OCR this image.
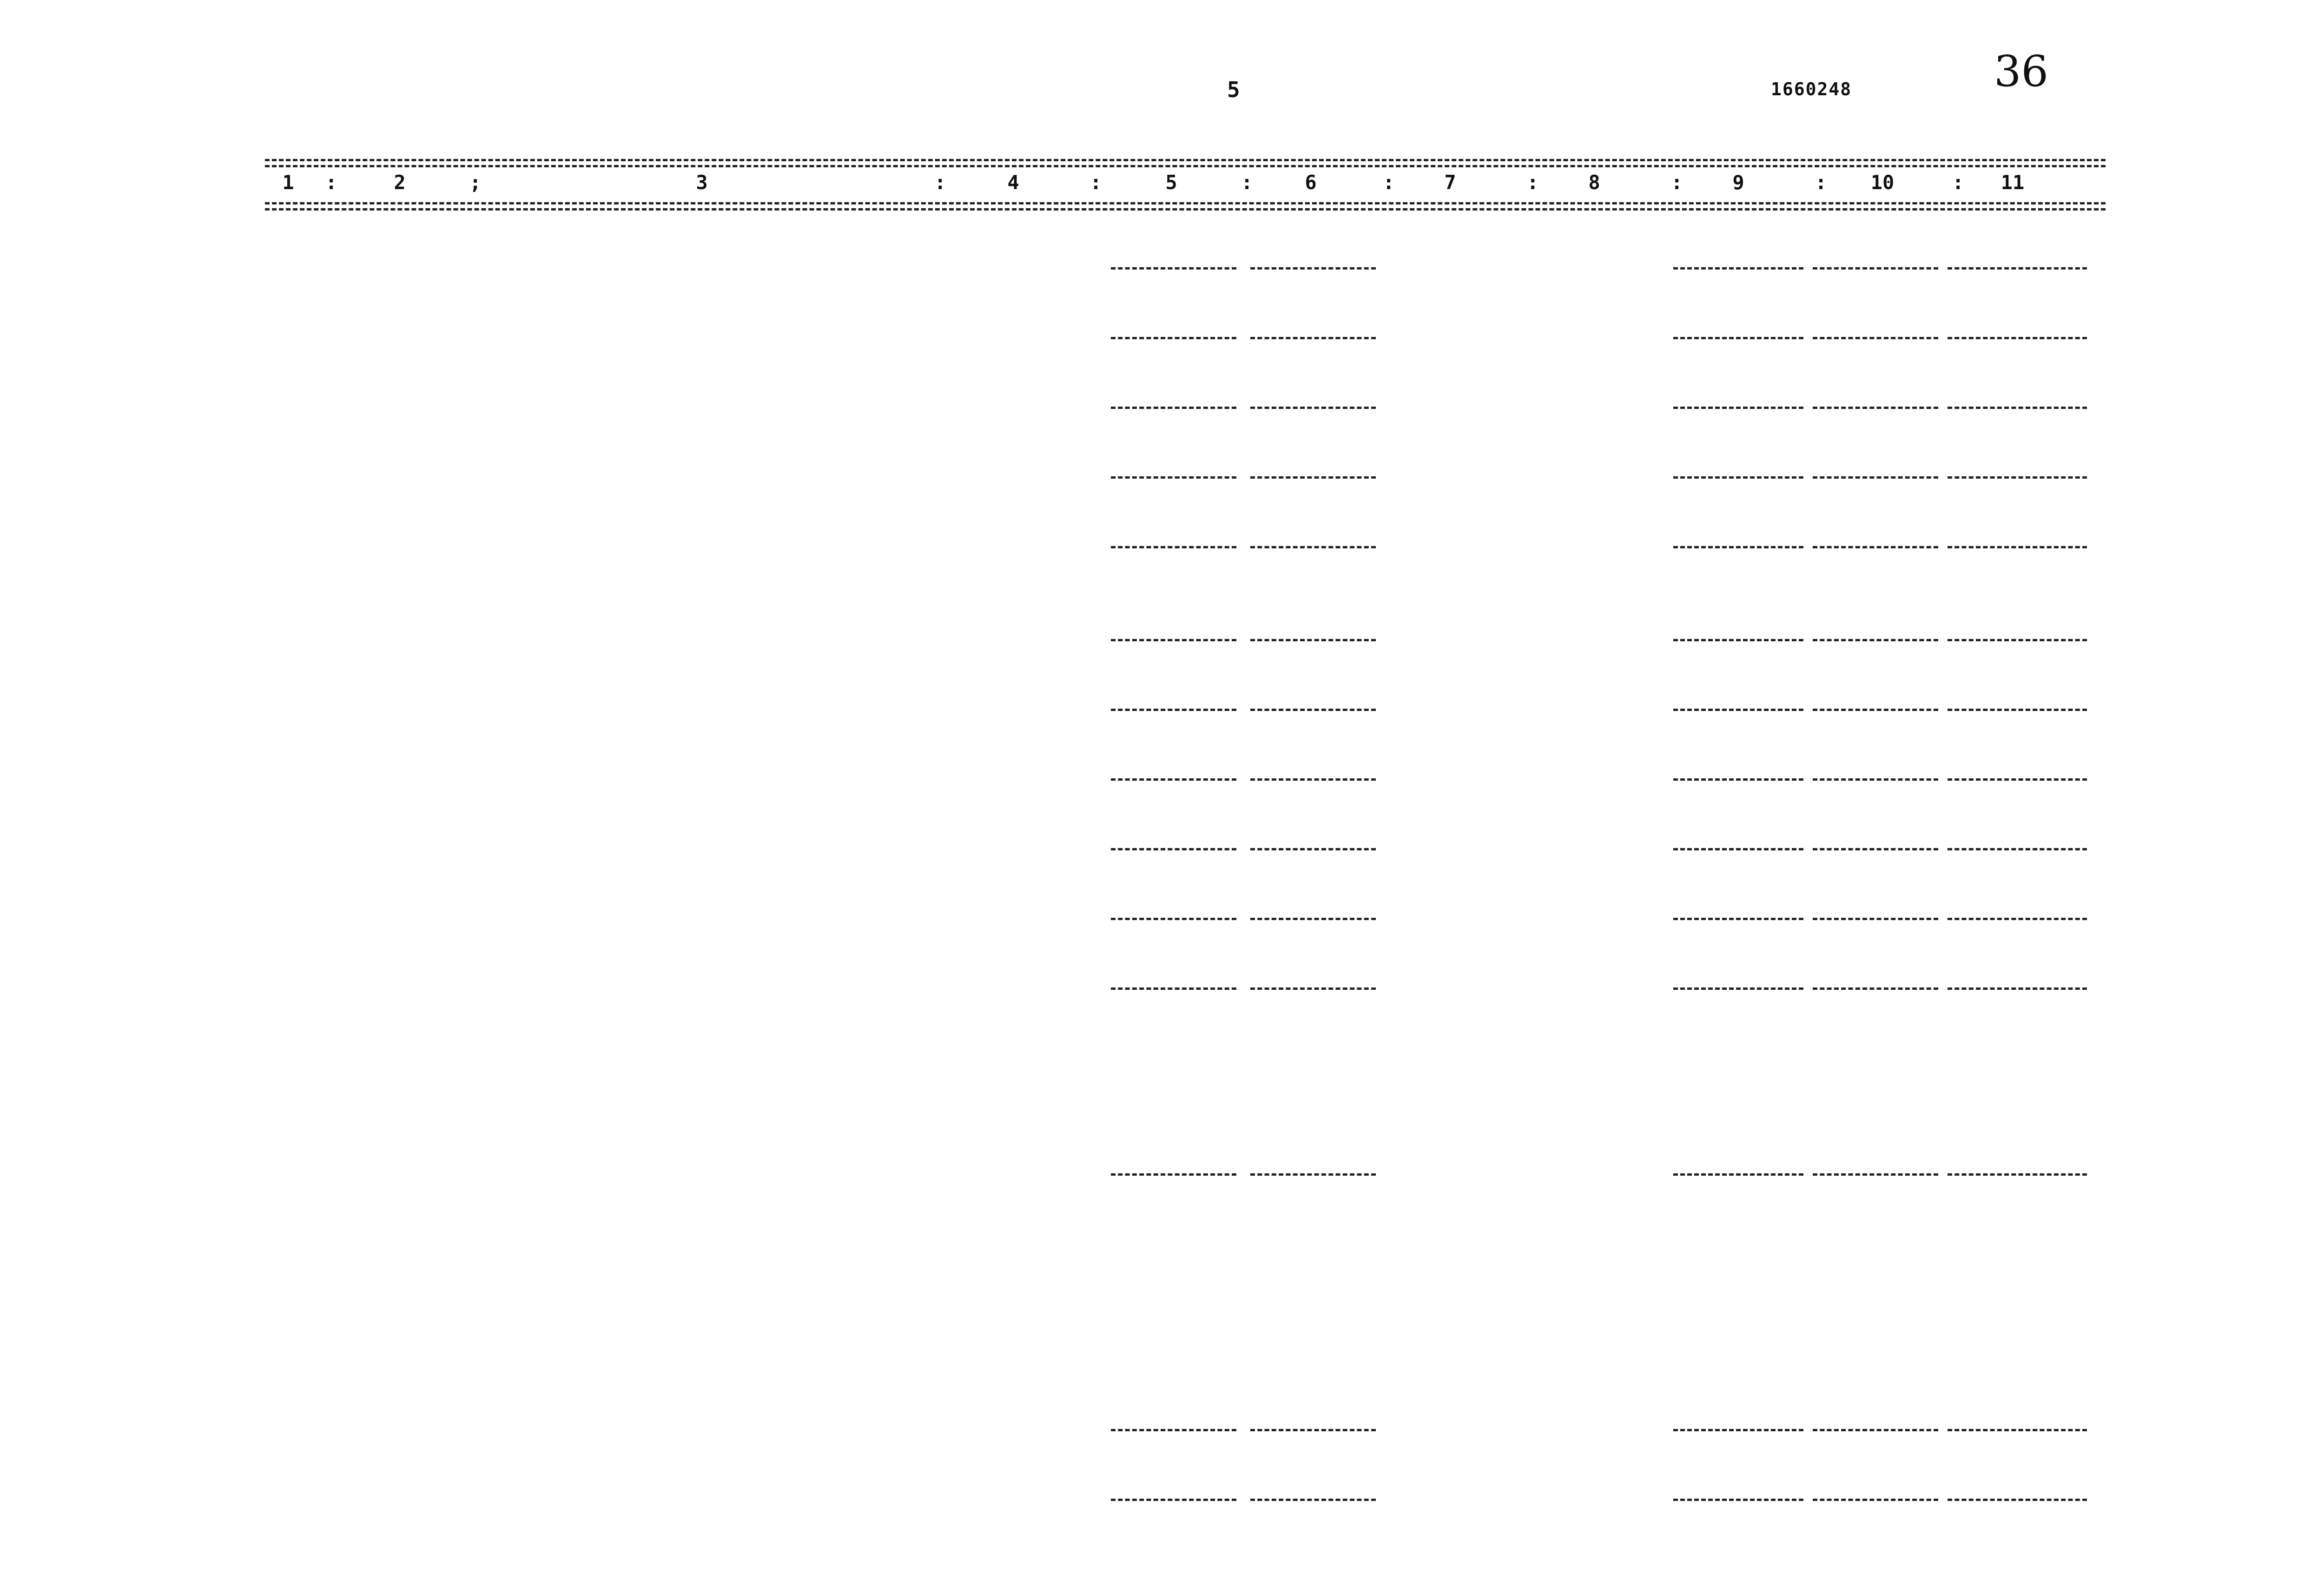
5	1660248	36
1	2	3	4	5	6	7	8	9	10	11
:	;	:	:	:	:	:	:	:	:
